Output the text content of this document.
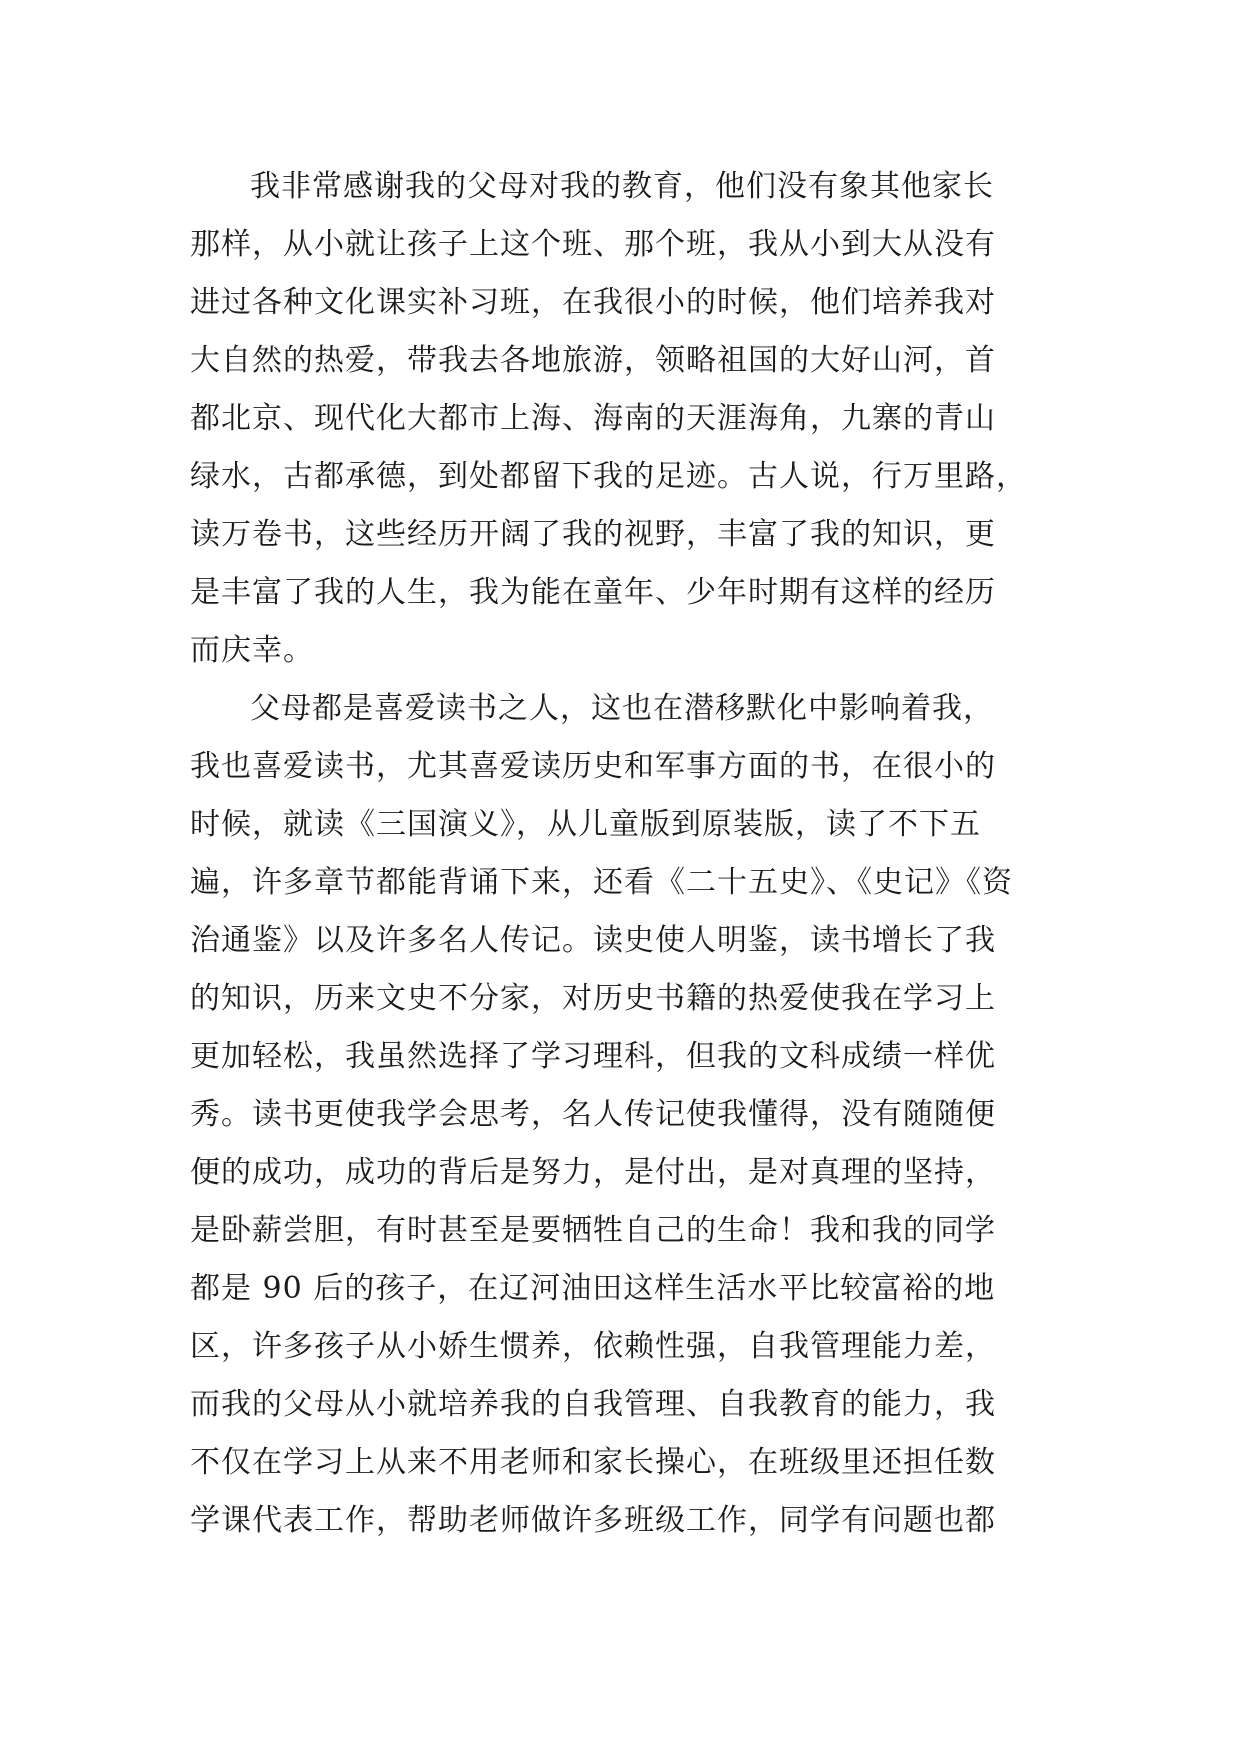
我非常感谢我的父母对我的教育，他们没有象其他家长
那样，从小就让孩子上这个班、那个班，我从小到大从没有
进过各种文化课实补习班，在我很小的时候，他们培养我对
大自然的热爱，带我去各地旅游，领略祖国的大好山河，首
都北京、现代化大都市上海、海南的天涯海角，九寨的青山
绿水，古都承德，到处都留下我的足迹。古人说，行万里路，
读万卷书，这些经历开阔了我的视野，丰富了我的知识，更
是丰富了我的人生，我为能在童年、少年时期有这样的经历
而庆幸。
父母都是喜爱读书之人，这也在潜移默化中影响着我，
我也喜爱读书，尤其喜爱读历史和军事方面的书，在很小的
时候，就读《三国演义》，从儿童版到原装版，读了不下五
遍，许多章节都能背诵下来，还看《二十五史》、《史记》《资
治通鉴》以及许多名人传记。读史使人明鉴，读书增长了我
的知识，历来文史不分家，对历史书籍的热爱使我在学习上
更加轻松，我虽然选择了学习理科，但我的文科成绩一样优
秀。读书更使我学会思考，名人传记使我懂得，没有随随便
便的成功，成功的背后是努力，是付出，是对真理的坚持，
是卧薪尝胆，有时甚至是要牺牲自己的生命！我和我的同学
都是 90 后的孩子，在辽河油田这样生活水平比较富裕的地
区，许多孩子从小娇生惯养，依赖性强，自我管理能力差，
而我的父母从小就培养我的自我管理、自我教育的能力，我
不仅在学习上从来不用老师和家长操心，在班级里还担任数
学课代表工作，帮助老师做许多班级工作，同学有问题也都
